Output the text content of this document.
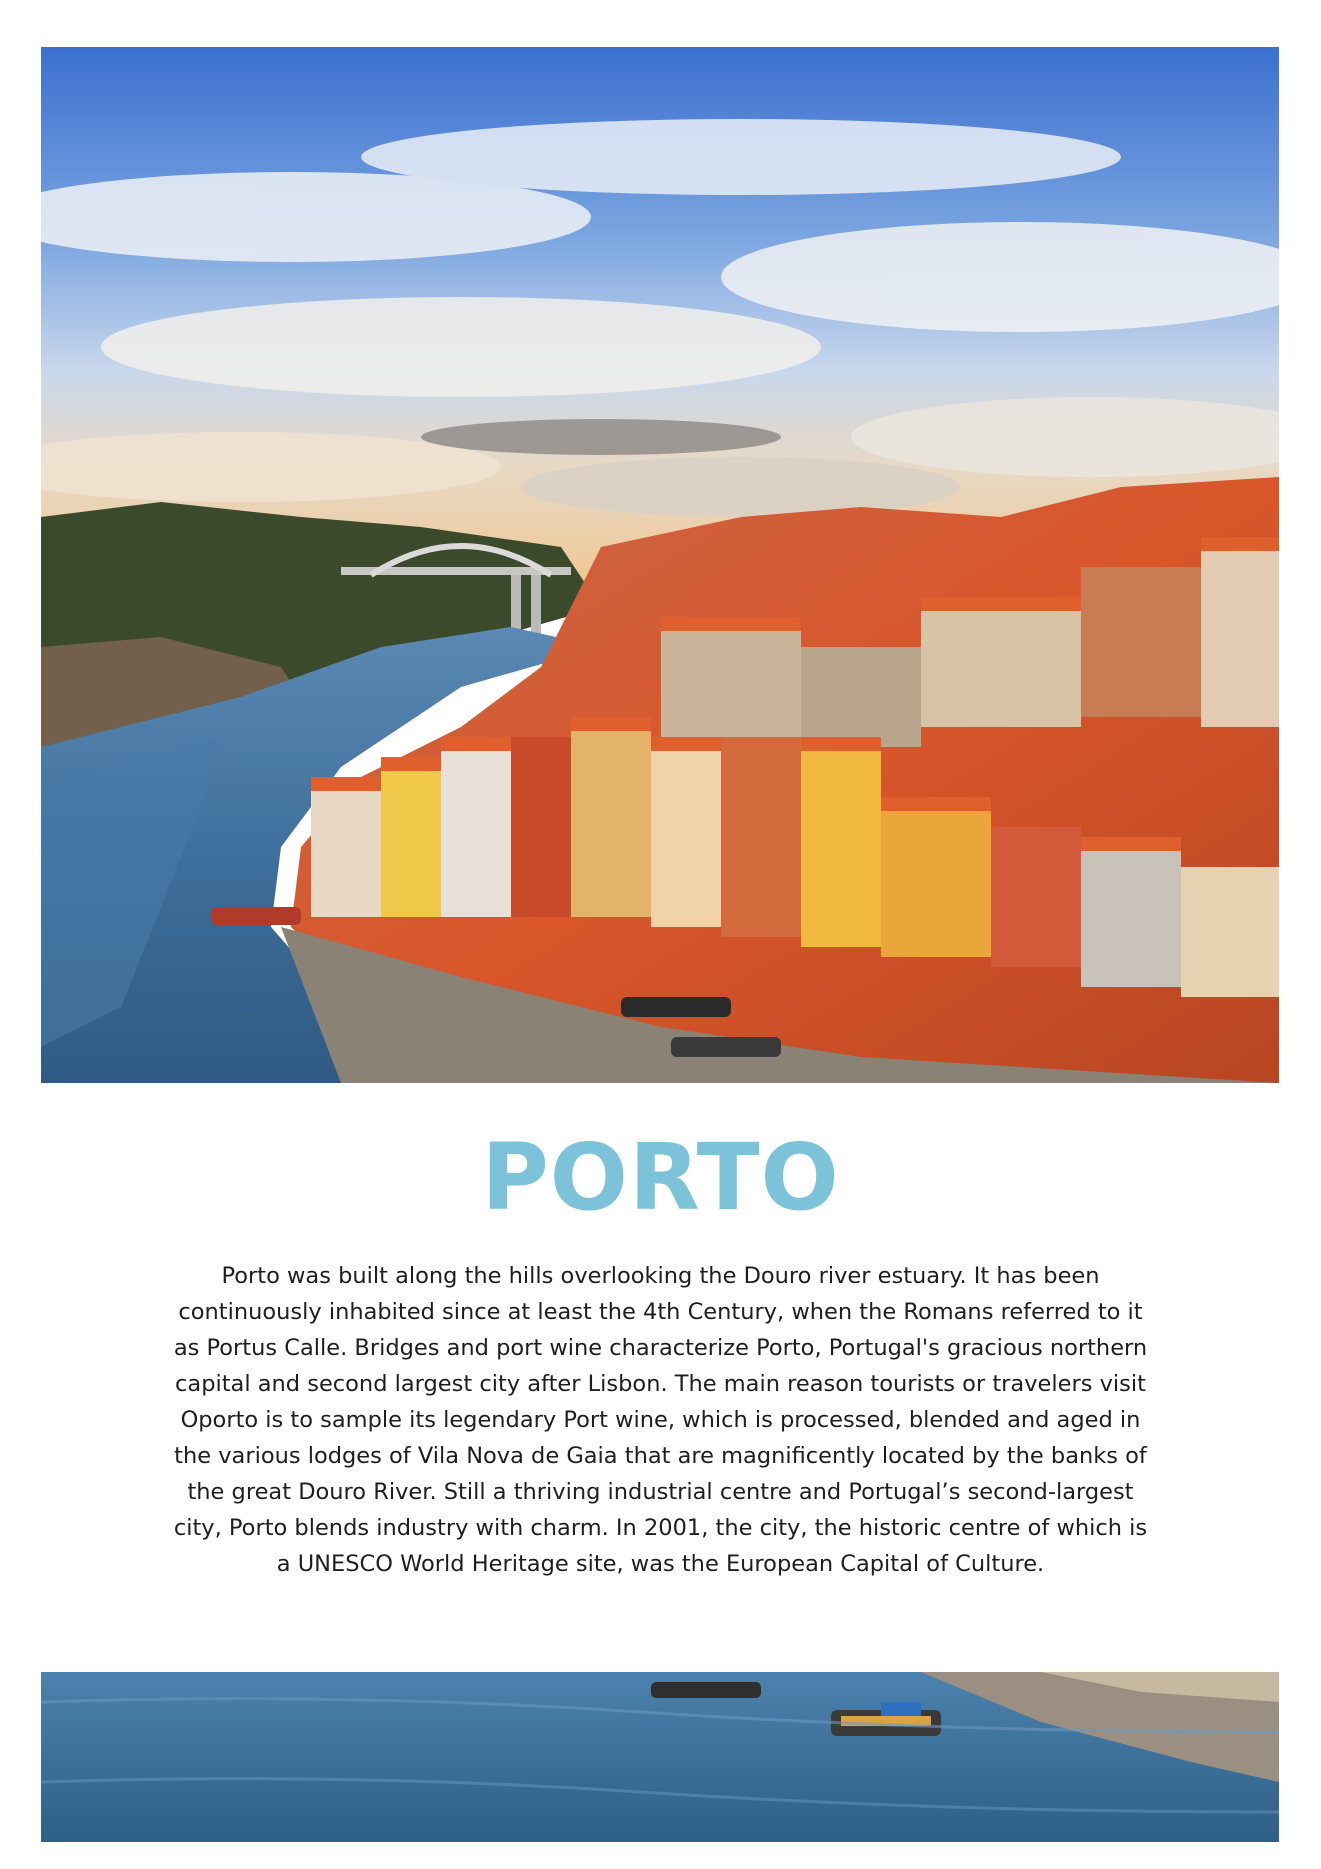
PORTO

Porto was built along the hills overlooking the Douro river estuary. It has been continuously inhabited since at least the 4th Century, when the Romans referred to it as Portus Calle. Bridges and port wine characterize Porto, Portugal's gracious northern capital and second largest city after Lisbon. The main reason tourists or travelers visit Oporto is to sample its legendary Port wine, which is processed, blended and aged in the various lodges of Vila Nova de Gaia that are magnificently located by the banks of the great Douro River. Still a thriving industrial centre and Portugal’s second-largest city, Porto blends industry with charm. In 2001, the city, the historic centre of which is a UNESCO World Heritage site, was the European Capital of Culture.
